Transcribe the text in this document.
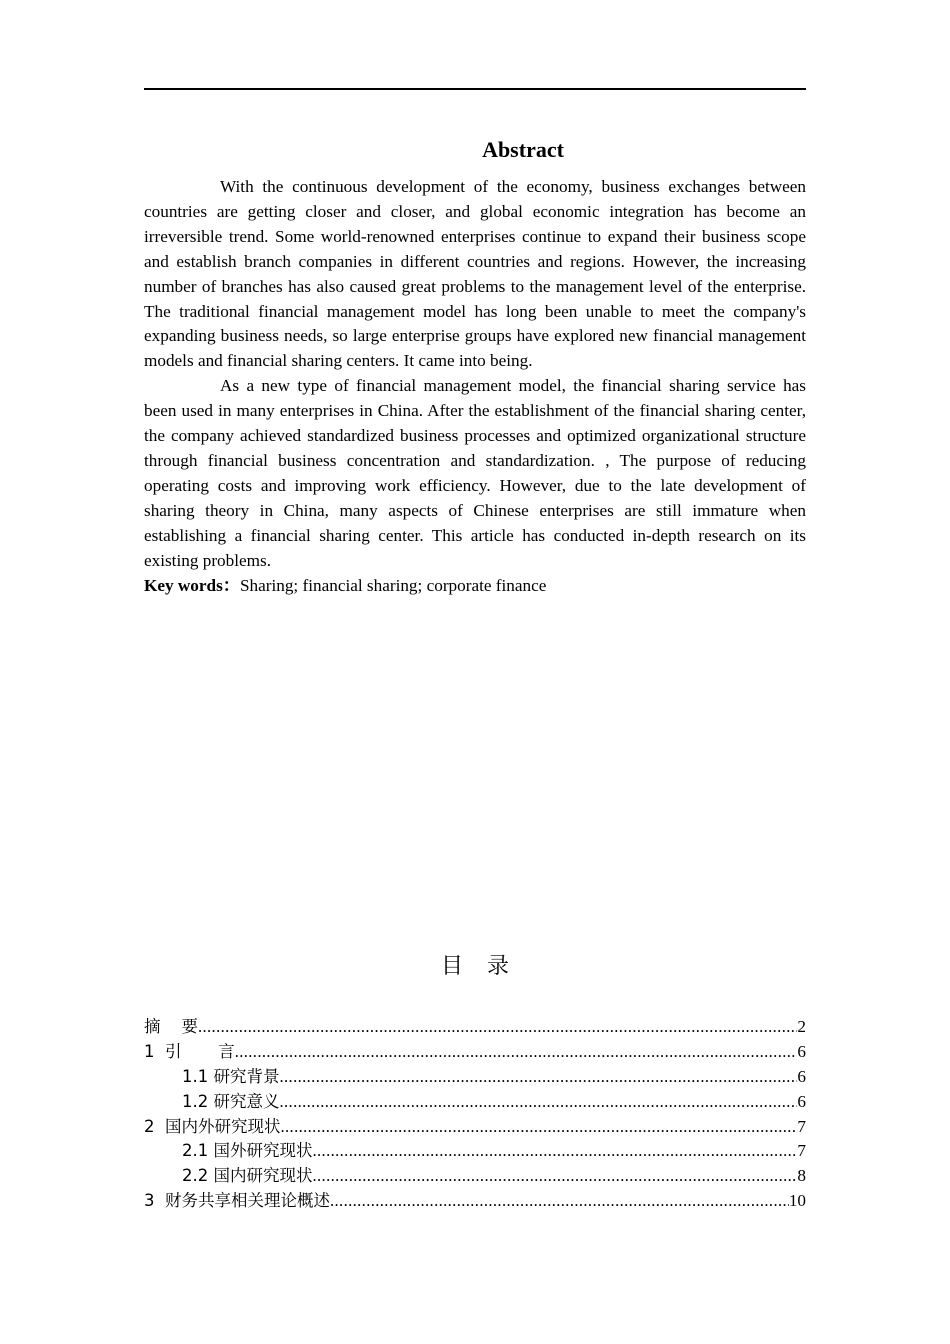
Abstract

With the continuous development of the economy, business exchanges between countries are getting closer and closer, and global economic integration has become an irreversible trend. Some world-renowned enterprises continue to expand their business scope and establish branch companies in different countries and regions. However, the increasing number of branches has also caused great problems to the management level of the enterprise. The traditional financial management model has long been unable to meet the company's expanding business needs, so large enterprise groups have explored new financial management models and financial sharing centers. It came into being.

As a new type of financial management model, the financial sharing service has been used in many enterprises in China. After the establishment of the financial sharing center, the company achieved standardized business processes and optimized organizational structure through financial business concentration and standardization. , The purpose of reducing operating costs and improving work efficiency. However, due to the late development of sharing theory in China, many aspects of Chinese enterprises are still immature when establishing a financial sharing center. This article has conducted in-depth research on its existing problems.

Key words：Sharing; financial sharing; corporate finance

目录
摘    要 .....	2
1  引       言 .....	6
1.1 研究背景 .....	6
1.2 研究意义 .....	6
2  国内外研究现状 .....	7
2.1 国外研究现状 .....	7
2.2 国内研究现状 .....	8
3  财务共享相关理论概述 .....	10
